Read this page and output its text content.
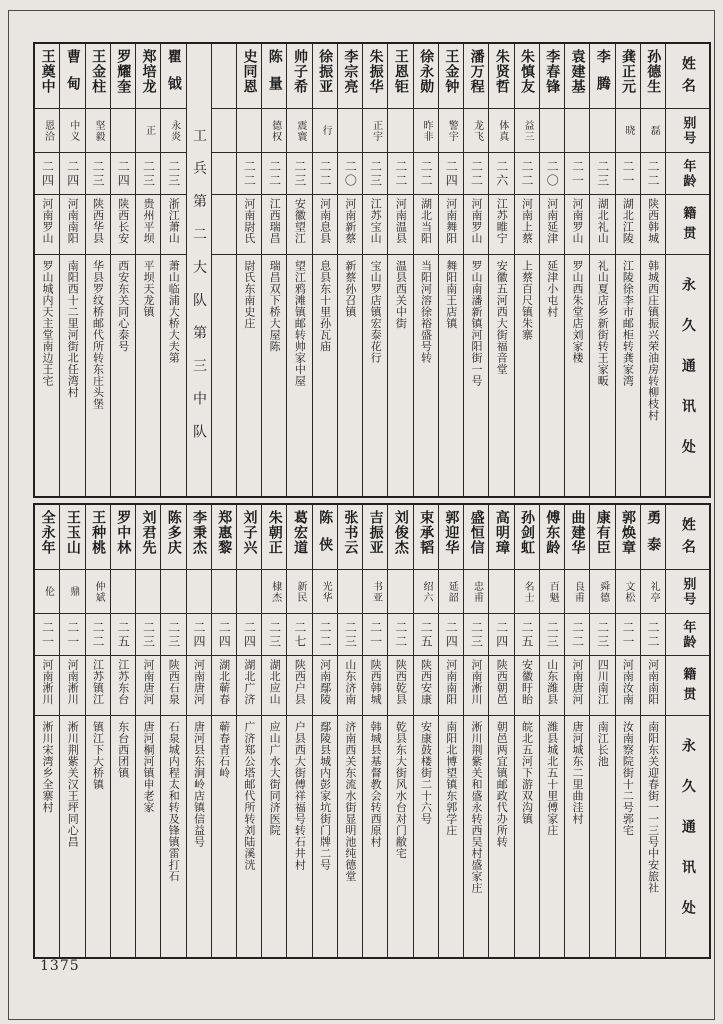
姓名
别号
年龄
籍贯
永久通讯处
孙德生
磊
二二
陕西韩城
韩城西庄镇振兴荣油房转柳枝村
龚正元
晓
二一
湖北江陵
江陵徐李市邮柜转龚家湾
李腾
二三
湖北礼山
礼山夏店乡新街转王家畈
袁建基
二一
河南罗山
罗山西朱堂店刘家楼
李春锋
二〇
河南延津
延津小屯村
朱慎友
益三
二二
河南上蔡
上蔡百尺镇朱寨
朱贤哲
体真
二六
江苏睢宁
安徽五河西大街福音堂
潘万程
龙飞
二二
河南罗山
罗山南潘新镇河阳街一号
王金钟
警宇
二四
河南舞阳
舞阳南王店镇
徐永勋
昨非
二二
湖北当阳
当阳河溶徐裕盛号转
王恩钜
二二
河南温县
温县西关中街
朱振华
正宇
二三
江苏宝山
宝山罗店镇宏泰花行
李宗亮
二〇
河南新蔡
新蔡孙召镇
徐振亚
行
二二
河南息县
息县东十里孙瓦庙
帅子希
震寰
二三
安徽望江
望江鸦滩镇邮转帅家中屋
陈量
德权
二二
江西瑞昌
瑞昌双下桥大屋陈
史同恩
二二
河南尉氏
尉氏东南史庄
工兵第二大队第三中队
瞿钺
永炎
二三
浙江萧山
萧山临浦大桥大夫第
郑培龙
正
二三
贵州平坝
平坝天龙镇
罗耀奎
二四
陕西长安
西安东关同心泰号
王金柱
坚毅
二三
陕西华县
华县罗纹桥邮代所转东庄头堡
曹甸
中义
二四
河南南阳
南阳西十二里河街北任湾村
王奠中
恩洽
二四
河南罗山
罗山城内天主堂南边王宅
姓名
别号
年龄
籍贯
永久通讯处
勇泰
礼亭
二二
河南南阳
南阳东关迎春街一一三号中安旅社
郭焕章
文松
二一
河南汝南
汝南察院街十二号郭宅
康有臣
舜德
二三
四川南江
南江长池
曲建华
良甫
二二
河南唐河
唐河城东二里曲洼村
傅东龄
百魁
二三
山东潍县
潍县城北五十里傅家庄
孙剑虹
名士
二五
安徽盱眙
皖北五河下游双沟镇
高明璋
二四
陕西朝邑
朝邑两宜镇邮政代办所转
盛恒信
忠甫
二三
河南淅川
淅川荆紫关和盛永转西吴村盛家庄
郭迎华
延韶
二四
河南南阳
南阳北博望镇东郭学庄
束承韬
绍六
二五
陕西安康
安康鼓楼街二十六号
刘俊杰
二二
陕西乾县
乾县东大街风水台对门敝宅
吉振亚
书亚
二一
陕西韩城
韩城县基督教会转西原村
张书云
二三
山东济南
济南西关东流水街显明池纯德堂
陈侠
光华
二二
河南鄢陵
鄢陵县城内彭家坑街门牌二号
葛宏道
新民
二七
陕西户县
户县西大街傅祥福号转石井村
朱朝正
棣杰
二三
湖北应山
应山广水大街同济医院
刘子兴
二四
湖北广济
广济郑公塔邮代所转刘陆溪洸
郑惠黎
二四
湖北蕲春
蕲春青石岭
李秉杰
二四
河南唐河
唐河县东涧岭店镇信益号
陈多庆
二三
陕西石泉
石泉城内程太和转及锋镇雷打石
刘君先
二三
河南唐河
唐河桐河镇申老家
罗中林
二五
江苏东台
东台西团镇
王种桃
仲斌
二二
江苏镇江
镇江下大桥镇
王玉山
鼎
二一
河南淅川
淅川荆紫关汉王坪同心昌
全永年
伦
二一
河南淅川
淅川宋湾乡全寨村
1375
